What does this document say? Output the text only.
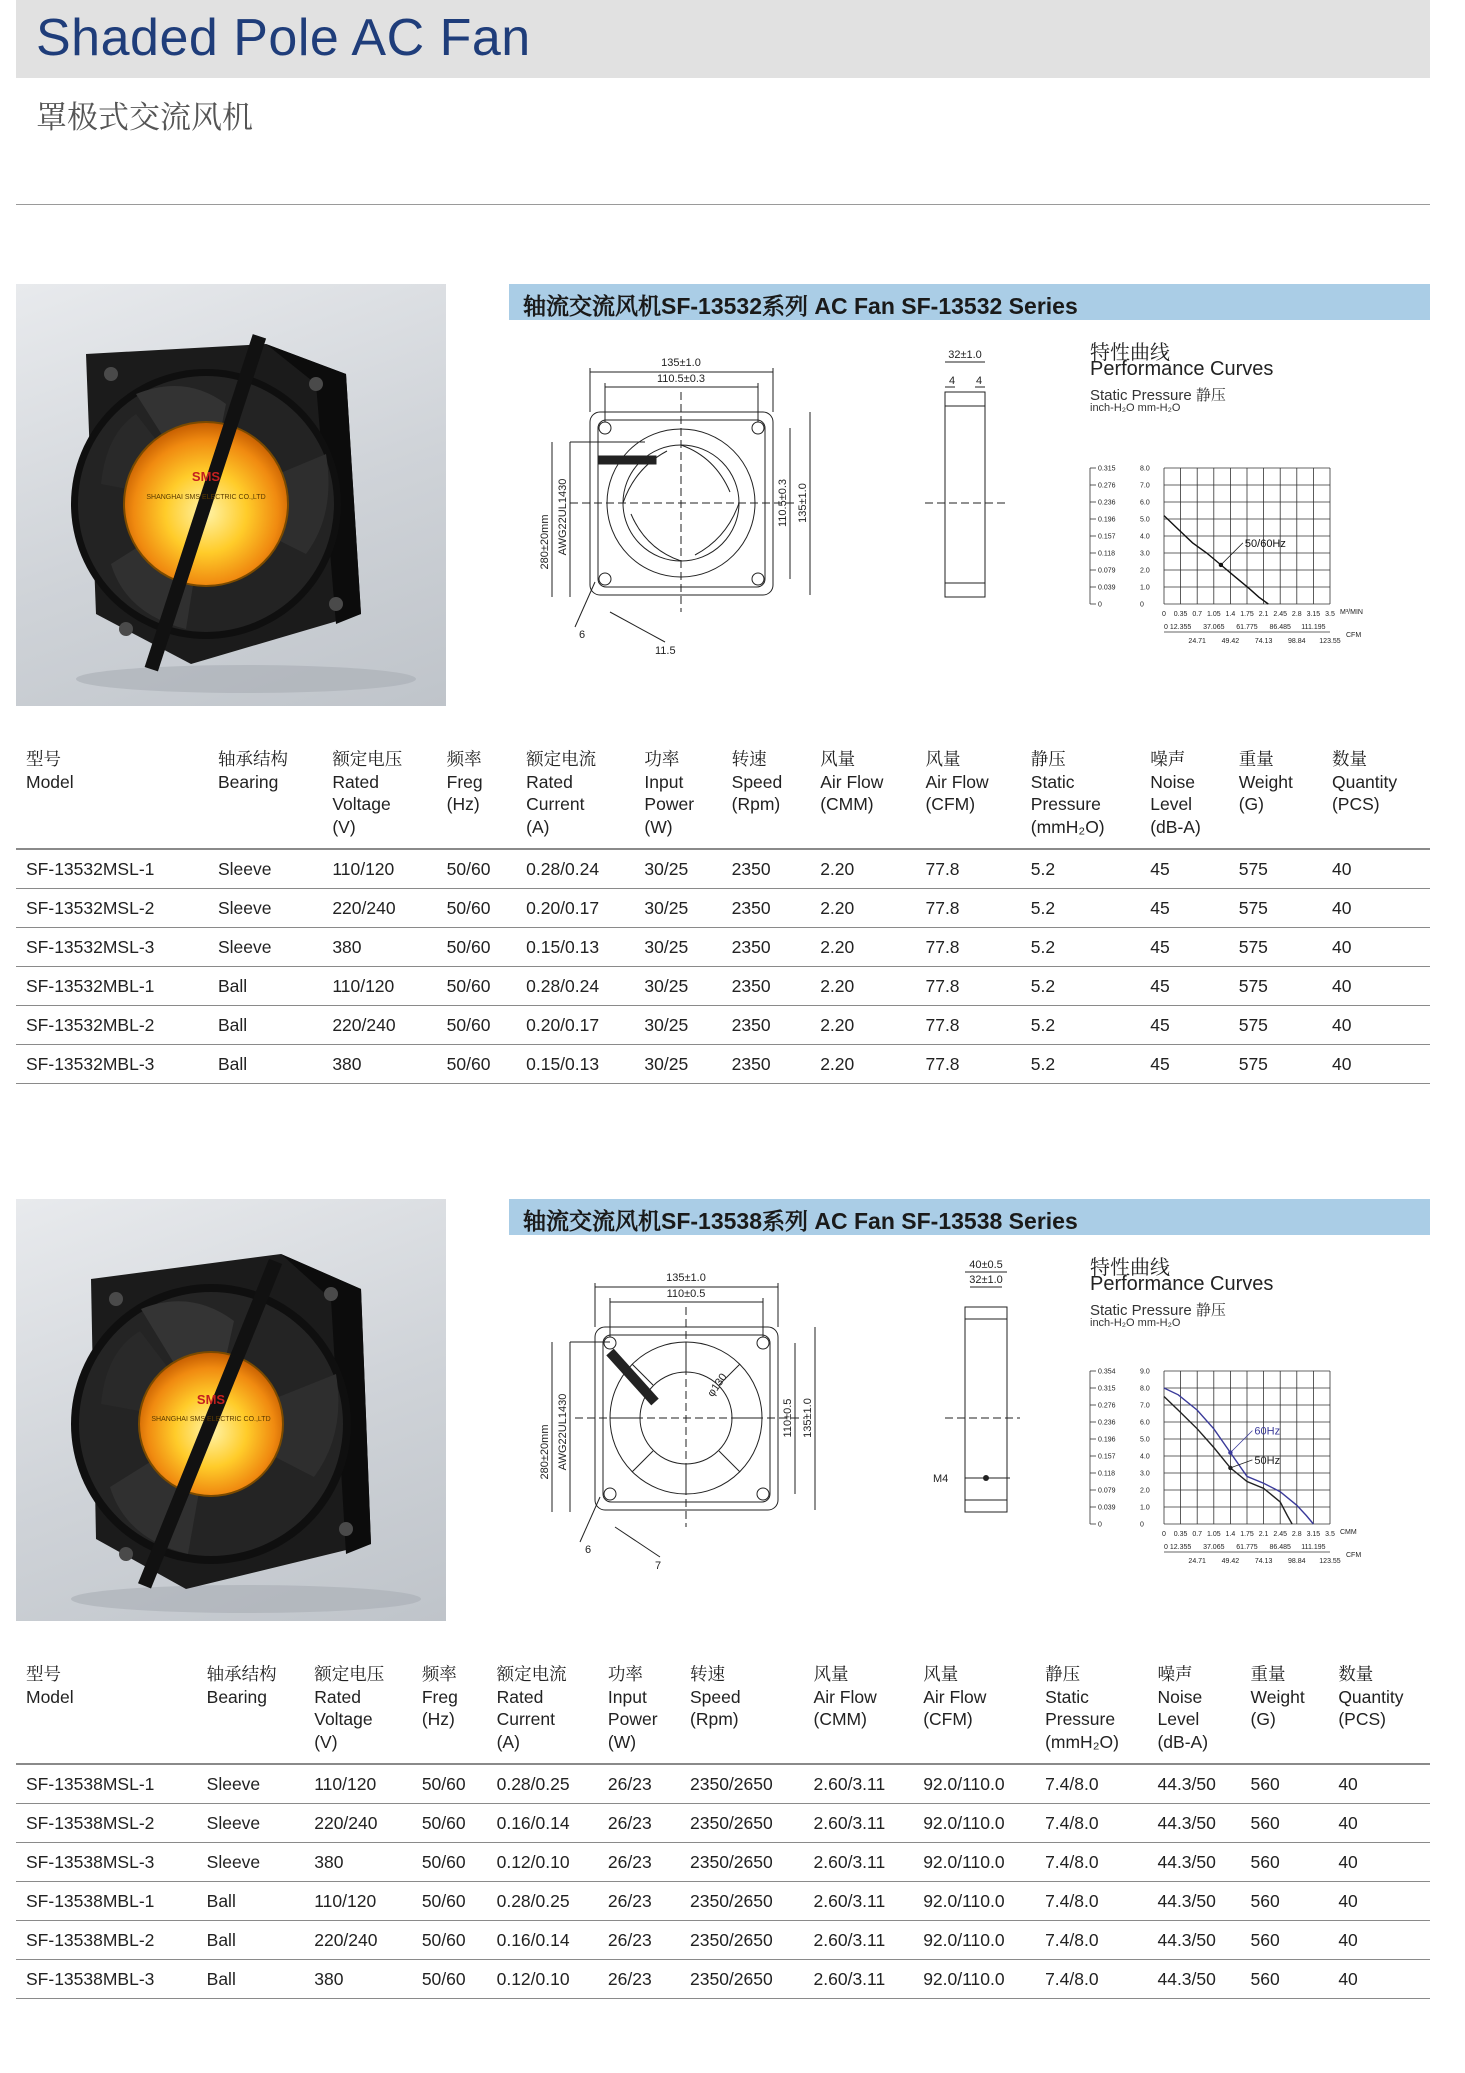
Shaded Pole AC Fan
罩极式交流风机
SMS
SHANGHAI SMS ELECTRIC CO.,LTD
轴流交流风机SF-13532系列 AC Fan SF-13532 Series
135±1.0
110.5±0.3
32±1.0
4 4
280±20mm AWG22UL1430	110.5±0.3 135±1.0
6
11.5
特性曲线
Performance Curves
Static Pressure 静压
inch-H₂O mm-H₂O
0.315
0.276
0.236
0.196
0.157
0.118
0.079
0.039
0
8.0
7.0
6.0
5.0
4.0
3.0
2.0
1.0
0
0 0.35 0.7 1.05 1.4 1.75 2.1 2.45 2.8 3.15 3.5 M³/MIN
0 12.355 37.065 61.775 86.485 111.195
24.71 49.42 74.13 98.84 123.55
CFM
50/60Hz
型号
Model	轴承结构
Bearing	额定电压
Rated
Voltage
(V)	频率
Freg
(Hz)	额定电流
Rated
Current
(A)	功率
Input
Power
(W)	转速
Speed
(Rpm)	风量
Air Flow
(CMM)	风量
Air Flow
(CFM)	静压
Static
Pressure
(mmH₂O)	噪声
Noise
Level
(dB-A)	重量
Weight
(G)	数量
Quantity
(PCS)

SF-13532MSL-1	Sleeve	110/120	50/60	0.28/0.24	30/25	2350	2.20	77.8	5.2	45	575	40
SF-13532MSL-2	Sleeve	220/240	50/60	0.20/0.17	30/25	2350	2.20	77.8	5.2	45	575	40
SF-13532MSL-3	Sleeve	380	50/60	0.15/0.13	30/25	2350	2.20	77.8	5.2	45	575	40
SF-13532MBL-1	Ball	110/120	50/60	0.28/0.24	30/25	2350	2.20	77.8	5.2	45	575	40
SF-13532MBL-2	Ball	220/240	50/60	0.20/0.17	30/25	2350	2.20	77.8	5.2	45	575	40
SF-13532MBL-3	Ball	380	50/60	0.15/0.13	30/25	2350	2.20	77.8	5.2	45	575	40
SMS
SHANGHAI SMS ELECTRIC CO.,LTD
轴流交流风机SF-13538系列 AC Fan SF-13538 Series
135±1.0
110±0.5
40±0.5
32±1.0
280±20mm AWG22UL1430	110±0.5 135±1.0
φ130
M4
6
7
特性曲线
Performance Curves
Static Pressure 静压
inch-H₂O mm-H₂O
0.354
0.315
0.276
0.236
0.196
0.157
0.118
0.079
0.039
0
9.0
8.0
7.0
6.0
5.0
4.0
3.0
2.0
1.0
0
0 0.35 0.7 1.05 1.4 1.75 2.1 2.45 2.8 3.15 3.5 CMM
0 12.355 37.065 61.775 86.485 111.195
24.71 49.42 74.13 98.84 123.55
CFM
60Hz
50Hz
型号
Model	轴承结构
Bearing	额定电压
Rated
Voltage
(V)	频率
Freg
(Hz)	额定电流
Rated
Current
(A)	功率
Input
Power
(W)	转速
Speed
(Rpm)	风量
Air Flow
(CMM)	风量
Air Flow
(CFM)	静压
Static
Pressure
(mmH₂O)	噪声
Noise
Level
(dB-A)	重量
Weight
(G)	数量
Quantity
(PCS)

SF-13538MSL-1	Sleeve	110/120	50/60	0.28/0.25	26/23	2350/2650	2.60/3.11	92.0/110.0	7.4/8.0	44.3/50	560	40
SF-13538MSL-2	Sleeve	220/240	50/60	0.16/0.14	26/23	2350/2650	2.60/3.11	92.0/110.0	7.4/8.0	44.3/50	560	40
SF-13538MSL-3	Sleeve	380	50/60	0.12/0.10	26/23	2350/2650	2.60/3.11	92.0/110.0	7.4/8.0	44.3/50	560	40
SF-13538MBL-1	Ball	110/120	50/60	0.28/0.25	26/23	2350/2650	2.60/3.11	92.0/110.0	7.4/8.0	44.3/50	560	40
SF-13538MBL-2	Ball	220/240	50/60	0.16/0.14	26/23	2350/2650	2.60/3.11	92.0/110.0	7.4/8.0	44.3/50	560	40
SF-13538MBL-3	Ball	380	50/60	0.12/0.10	26/23	2350/2650	2.60/3.11	92.0/110.0	7.4/8.0	44.3/50	560	40
